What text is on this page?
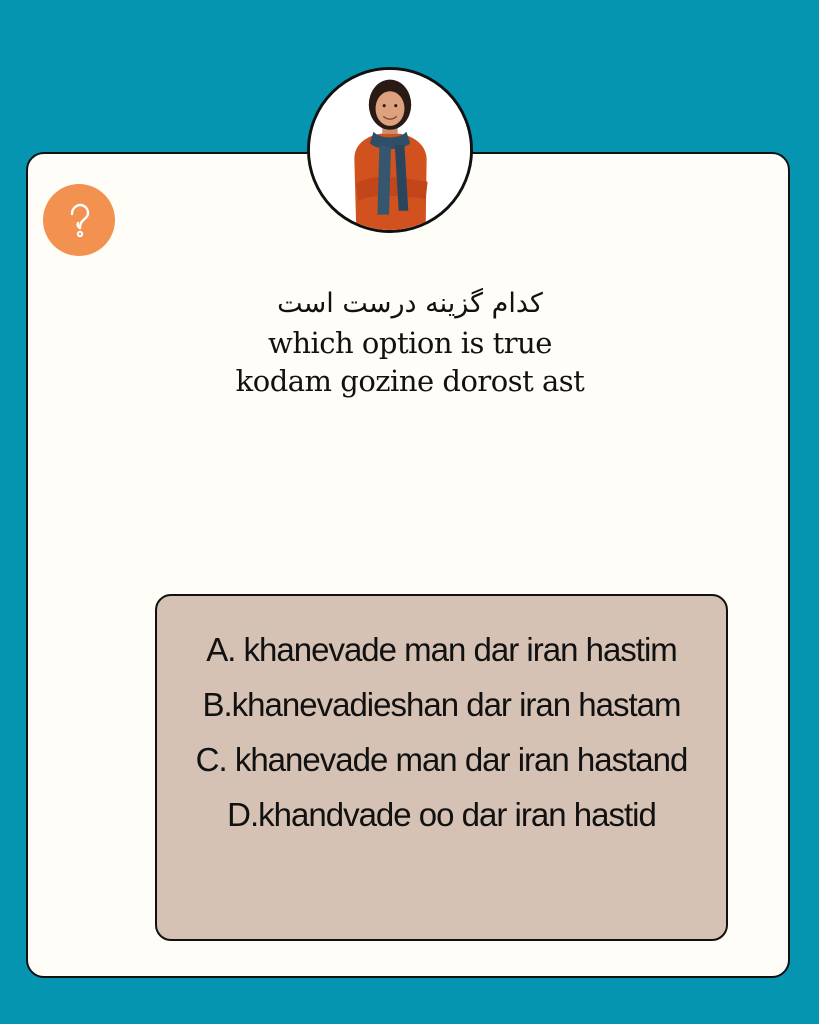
کدام گزینه درست است
which option is true
kodam gozine dorost ast
A. khanevade man dar iran hastim
B.khanevadieshan dar iran hastam
C. khanevade man dar iran hastand
D.khandvade oo dar iran hastid
